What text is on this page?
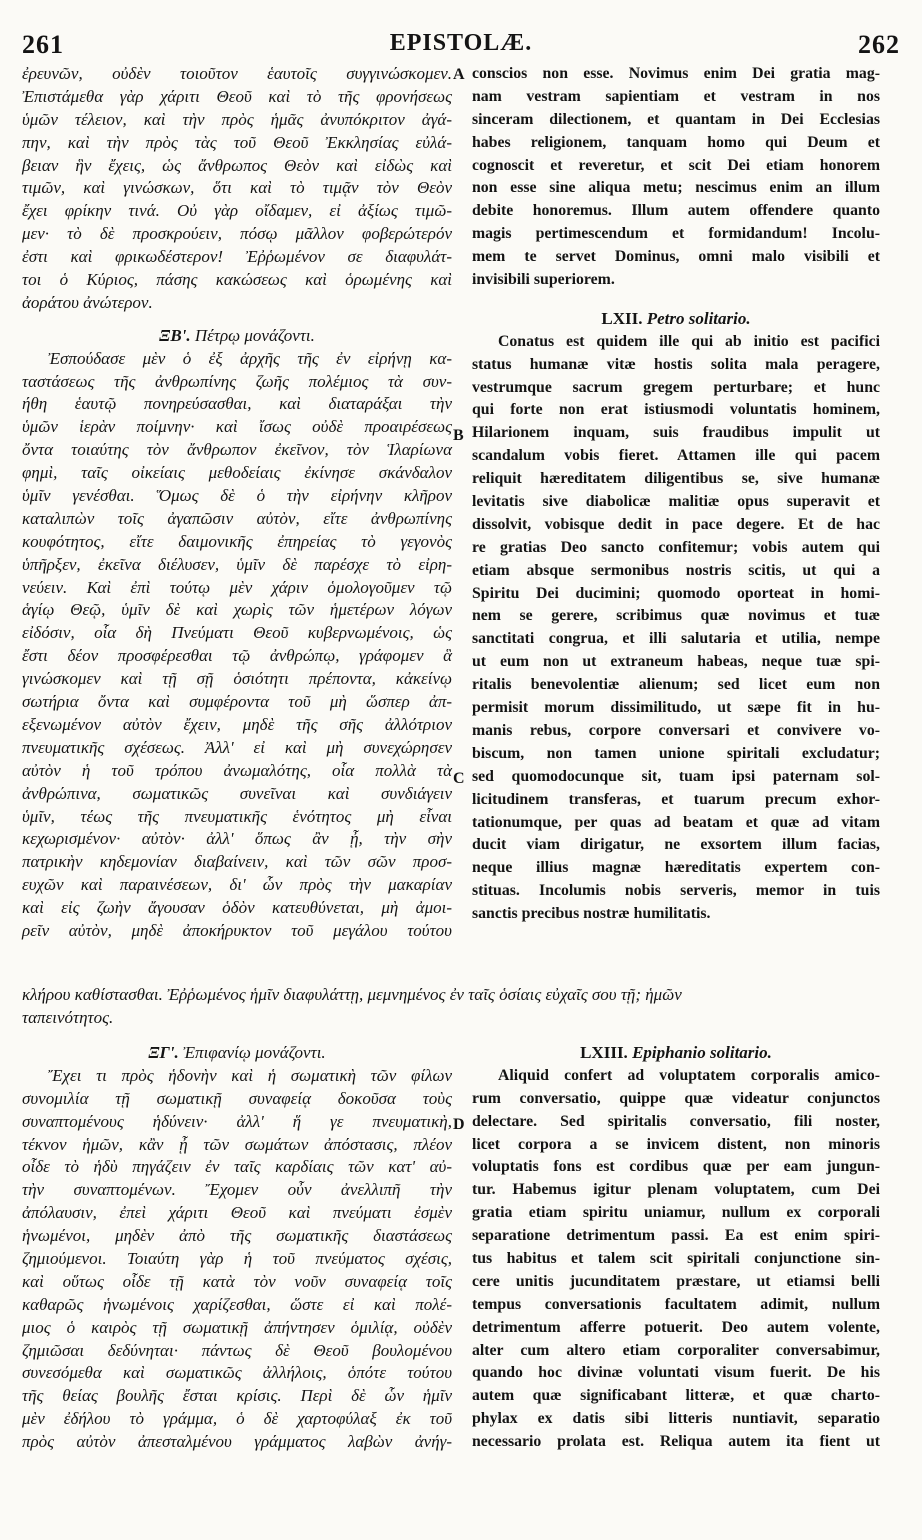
261	EPISTOLÆ.	262
A
B
C
D
ἐρευνῶν, οὐδὲν τοιοῦτον ἑαυτοῖς συγγινώσκομεν.
Ἐπιστάμεθα γὰρ χάριτι Θεοῦ καὶ τὸ τῆς φρονήσεως
ὑμῶν τέλειον, καὶ τὴν πρὸς ἡμᾶς ἀνυπόκριτον ἀγά-
πην, καὶ τὴν πρὸς τὰς τοῦ Θεοῦ Ἐκκλησίας εὐλά-
βειαν ἣν ἔχεις, ὡς ἄνθρωπος Θεὸν καὶ εἰδὼς καὶ
τιμῶν, καὶ γινώσκων, ὅτι καὶ τὸ τιμᾷν τὸν Θεὸν
ἔχει φρίκην τινά. Οὐ γὰρ οἴδαμεν, εἰ ἀξίως τιμῶ-
μεν· τὸ δὲ προσκρούειν, πόσῳ μᾶλλον φοβερώτερόν
ἐστι καὶ φρικωδέστερον! Ἐῤῥωμένον σε διαφυλάτ-
τοι ὁ Κύριος, πάσης κακώσεως καὶ ὁρωμένης καὶ
ἀοράτου ἀνώτερον.
ΞΒʹ. Πέτρῳ μονάζοντι.
Ἐσπούδασε μὲν ὁ ἐξ ἀρχῆς τῆς ἐν εἰρήνῃ κα-
ταστάσεως τῆς ἀνθρωπίνης ζωῆς πολέμιος τὰ συν-
ήθη ἑαυτῷ πονηρεύσασθαι, καὶ διαταράξαι τὴν
ὑμῶν ἱερὰν ποίμνην· καὶ ἴσως οὐδὲ προαιρέσεως
ὄντα τοιαύτης τὸν ἄνθρωπον ἐκεῖνον, τὸν Ἱλαρίωνα
φημὶ, ταῖς οἰκείαις μεθοδείαις ἐκίνησε σκάνδαλον
ὑμῖν γενέσθαι. Ὅμως δὲ ὁ τὴν εἰρήνην κλῆρον
καταλιπὼν τοῖς ἀγαπῶσιν αὐτὸν, εἴτε ἀνθρωπίνης
κουφότητος, εἴτε δαιμονικῆς ἐπηρείας τὸ γεγονὸς
ὑπῆρξεν, ἐκεῖνα διέλυσεν, ὑμῖν δὲ παρέσχε τὸ εἰρη-
νεύειν. Καὶ ἐπὶ τούτῳ μὲν χάριν ὁμολογοῦμεν τῷ
ἁγίῳ Θεῷ, ὑμῖν δὲ καὶ χωρὶς τῶν ἡμετέρων λόγων
εἰδόσιν, οἷα δὴ Πνεύματι Θεοῦ κυβερνωμένοις, ὡς
ἔστι δέον προσφέρεσθαι τῷ ἀνθρώπῳ, γράφομεν ἃ
γινώσκομεν καὶ τῇ σῇ ὁσιότητι πρέποντα, κἀκείνῳ
σωτήρια ὄντα καὶ συμφέροντα τοῦ μὴ ὥσπερ ἀπ-
εξενωμένον αὐτὸν ἔχειν, μηδὲ τῆς σῆς ἀλλότριον
πνευματικῆς σχέσεως. Ἀλλ' εἰ καὶ μὴ συνεχώρησεν
αὐτὸν ἡ τοῦ τρόπου ἀνωμαλότης, οἷα πολλὰ τὰ
ἀνθρώπινα, σωματικῶς συνεῖναι καὶ συνδιάγειν
ὑμῖν, τέως τῆς πνευματικῆς ἑνότητος μὴ εἶναι
κεχωρισμένον· αὐτὸν· ἀλλ' ὅπως ἂν ᾖ, τὴν σὴν
πατρικὴν κηδεμονίαν διαβαίνειν, καὶ τῶν σῶν προσ-
ευχῶν καὶ παραινέσεων, δι' ὧν πρὸς τὴν μακαρίαν
καὶ εἰς ζωὴν ἄγουσαν ὁδὸν κατευθύνεται, μὴ ἀμοι-
ρεῖν αὐτὸν, μηδὲ ἀποκήρυκτον τοῦ μεγάλου τούτου
conscios non esse. Novimus enim Dei gratia mag-
nam vestram sapientiam et vestram in nos
sinceram dilectionem, et quantam in Dei Ecclesias
habes religionem, tanquam homo qui Deum et
cognoscit et reveretur, et scit Dei etiam honorem
non esse sine aliqua metu; nescimus enim an illum
debite honoremus. Illum autem offendere quanto
magis pertimescendum et formidandum! Incolu-
mem te servet Dominus, omni malo visibili et
invisibili superiorem.
LXII. Petro solitario.
Conatus est quidem ille qui ab initio est pacifici
status humanæ vitæ hostis solita mala peragere,
vestrumque sacrum gregem perturbare; et hunc
qui forte non erat istiusmodi voluntatis hominem,
Hilarionem inquam, suis fraudibus impulit ut
scandalum vobis fieret. Attamen ille qui pacem
reliquit hæreditatem diligentibus se, sive humanæ
levitatis sive diabolicæ malitiæ opus superavit et
dissolvit, vobisque dedit in pace degere. Et de hac
re gratias Deo sancto confitemur; vobis autem qui
etiam absque sermonibus nostris scitis, ut qui a
Spiritu Dei ducimini; quomodo oporteat in homi-
nem se gerere, scribimus quæ novimus et tuæ
sanctitati congrua, et illi salutaria et utilia, nempe
ut eum non ut extraneum habeas, neque tuæ spi-
ritalis benevolentiæ alienum; sed licet eum non
permisit morum dissimilitudo, ut sæpe fit in hu-
manis rebus, corpore conversari et convivere vo-
biscum, non tamen unione spiritali excludatur;
sed quomodocunque sit, tuam ipsi paternam sol-
licitudinem transferas, et tuarum precum exhor-
tationumque, per quas ad beatam et quæ ad vitam
ducit viam dirigatur, ne exsortem illum facias,
neque illius magnæ hæreditatis expertem con-
stituas. Incolumis nobis serveris, memor in tuis
sanctis precibus nostræ humilitatis.
κλήρου καθίστασθαι. Ἐῤῥωμένος ἡμῖν διαφυλάττῃ, μεμνημένος ἐν ταῖς ὁσίαις εὐχαῖς σου τῇ; ἡμῶν
ταπεινότητος.
ΞΓʹ. Ἐπιφανίῳ μονάζοντι.
Ἔχει τι πρὸς ἡδονὴν καὶ ἡ σωματικὴ τῶν φίλων
συνομιλία τῇ σωματικῇ συναφείᾳ δοκοῦσα τοὺς
συναπτομένους ἡδύνειν· ἀλλ' ἥ γε πνευματικὴ,
τέκνον ἡμῶν, κἂν ᾖ τῶν σωμάτων ἀπόστασις, πλέον
οἶδε τὸ ἡδὺ πηγάζειν ἐν ταῖς καρδίαις τῶν κατ' αὐ-
τὴν συναπτομένων. Ἔχομεν οὖν ἀνελλιπῆ τὴν
ἀπόλαυσιν, ἐπεὶ χάριτι Θεοῦ καὶ πνεύματι ἐσμὲν
ἡνωμένοι, μηδὲν ἀπὸ τῆς σωματικῆς διαστάσεως
ζημιούμενοι. Τοιαύτη γὰρ ἡ τοῦ πνεύματος σχέσις,
καὶ οὕτως οἶδε τῇ κατὰ τὸν νοῦν συναφείᾳ τοῖς
καθαρῶς ἡνωμένοις χαρίζεσθαι, ὥστε εἰ καὶ πολέ-
μιος ὁ καιρὸς τῇ σωματικῇ ἀπήντησεν ὁμιλίᾳ, οὐδὲν
ζημιῶσαι δεδύνηται· πάντως δὲ Θεοῦ βουλομένου
συνεσόμεθα καὶ σωματικῶς ἀλλήλοις, ὁπότε τούτου
τῆς θείας βουλῆς ἔσται κρίσις. Περὶ δὲ ὧν ἡμῖν
μὲν ἐδήλου τὸ γράμμα, ὁ δὲ χαρτοφύλαξ ἐκ τοῦ
πρὸς αὐτὸν ἀπεσταλμένου γράμματος λαβὼν ἀνήγ-
LXIII. Epiphanio solitario.
Aliquid confert ad voluptatem corporalis amico-
rum conversatio, quippe quæ videatur conjunctos
delectare. Sed spiritalis conversatio, fili noster,
licet corpora a se invicem distent, non minoris
voluptatis fons est cordibus quæ per eam jungun-
tur. Habemus igitur plenam voluptatem, cum Dei
gratia etiam spiritu uniamur, nullum ex corporali
separatione detrimentum passi. Ea est enim spiri-
tus habitus et talem scit spiritali conjunctione sin-
cere unitis jucunditatem præstare, ut etiamsi belli
tempus conversationis facultatem adimit, nullum
detrimentum afferre potuerit. Deo autem volente,
alter cum altero etiam corporaliter conversabimur,
quando hoc divinæ voluntati visum fuerit. De his
autem quæ significabant litteræ, et quæ charto-
phylax ex datis sibi litteris nuntiavit, separatio
necessario prolata est. Reliqua autem ita fient ut
